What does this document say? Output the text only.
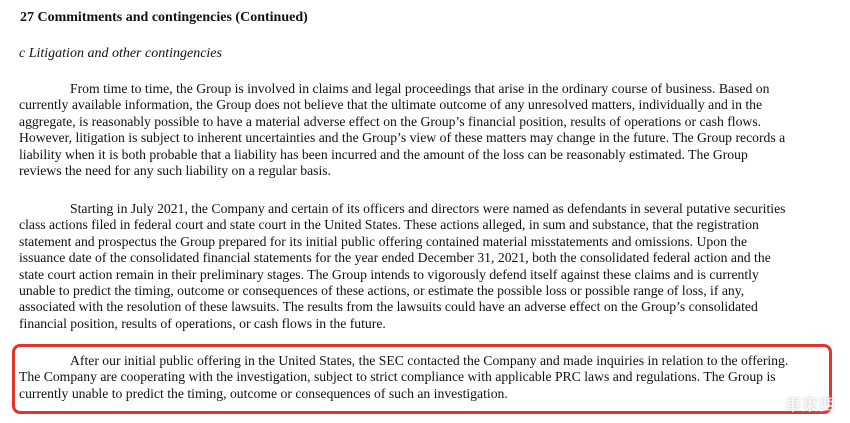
27 Commitments and contingencies (Continued)
c Litigation and other contingencies
From time to time, the Group is involved in claims and legal proceedings that arise in the ordinary course of business. Based on
currently available information, the Group does not believe that the ultimate outcome of any unresolved matters, individually and in the
aggregate, is reasonably possible to have a material adverse effect on the Group’s financial position, results of operations or cash flows.
However, litigation is subject to inherent uncertainties and the Group’s view of these matters may change in the future. The Group records a
liability when it is both probable that a liability has been incurred and the amount of the loss can be reasonably estimated. The Group
reviews the need for any such liability on a regular basis.
Starting in July 2021, the Company and certain of its officers and directors were named as defendants in several putative securities
class actions filed in federal court and state court in the United States. These actions alleged, in sum and substance, that the registration
statement and prospectus the Group prepared for its initial public offering contained material misstatements and omissions. Upon the
issuance date of the consolidated financial statements for the year ended December 31, 2021, both the consolidated federal action and the
state court action remain in their preliminary stages. The Group intends to vigorously defend itself against these claims and is currently
unable to predict the timing, outcome or consequences of these actions, or estimate the possible loss or possible range of loss, if any,
associated with the resolution of these lawsuits. The results from the lawsuits could have an adverse effect on the Group’s consolidated
financial position, results of operations, or cash flows in the future.
After our initial public offering in the United States, the SEC contacted the Company and made inquiries in relation to the offering.
The Company are cooperating with the investigation, subject to strict compliance with applicable PRC laws and regulations. The Group is
currently unable to predict the timing, outcome or consequences of such an investigation.
車東西
